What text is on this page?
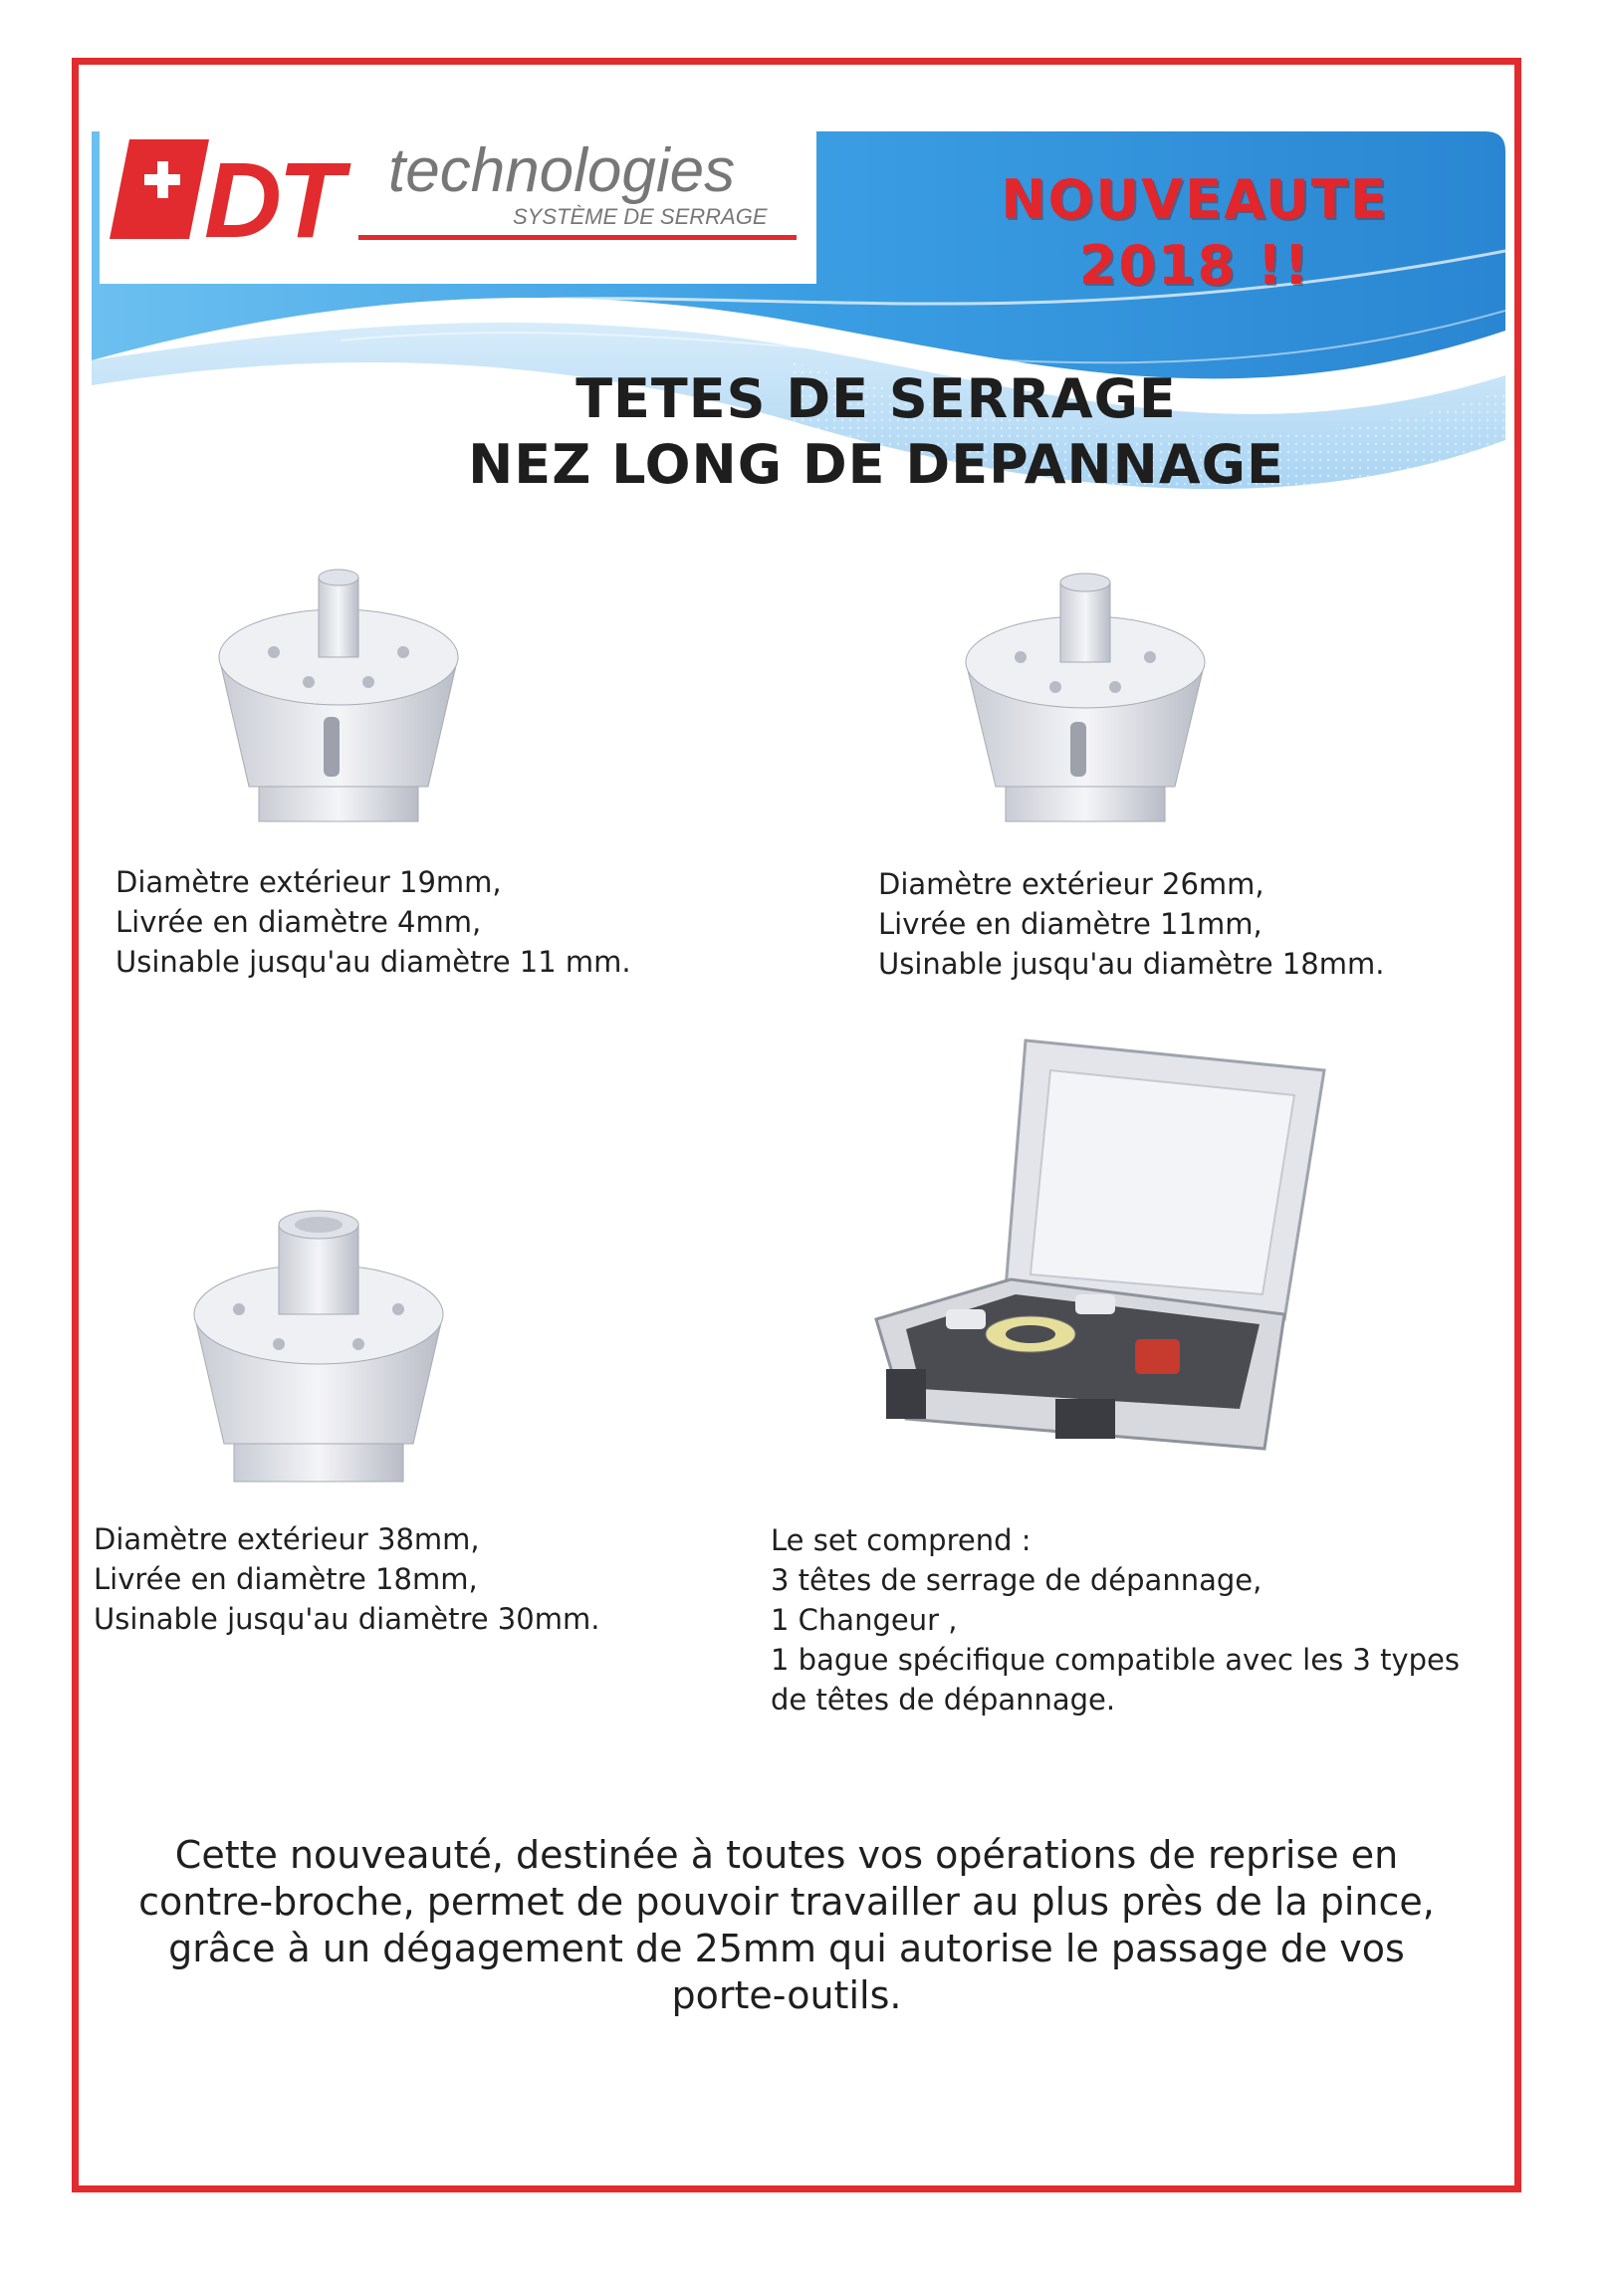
DT technologies
SYSTÈME DE SERRAGE	NOUVEAUTE
2018 !!
TETES DE SERRAGE
NEZ LONG DE DEPANNAGE
Diamètre extérieur 19mm,
Livrée en diamètre 4mm,
Usinable jusqu'au diamètre 11 mm.
Diamètre extérieur 26mm,
Livrée en diamètre 11mm,
Usinable jusqu'au diamètre 18mm.
Diamètre extérieur 38mm,
Livrée en diamètre 18mm,
Usinable jusqu'au diamètre 30mm.
Le set comprend :
3 têtes de serrage de dépannage,
1 Changeur ,
1 bague spécifique compatible avec les 3 types
de têtes de dépannage.
Cette nouveauté, destinée à toutes vos opérations de reprise en
contre-broche, permet de pouvoir travailler au plus près de la pince,
grâce à un dégagement de 25mm qui autorise le passage de vos
porte-outils.
